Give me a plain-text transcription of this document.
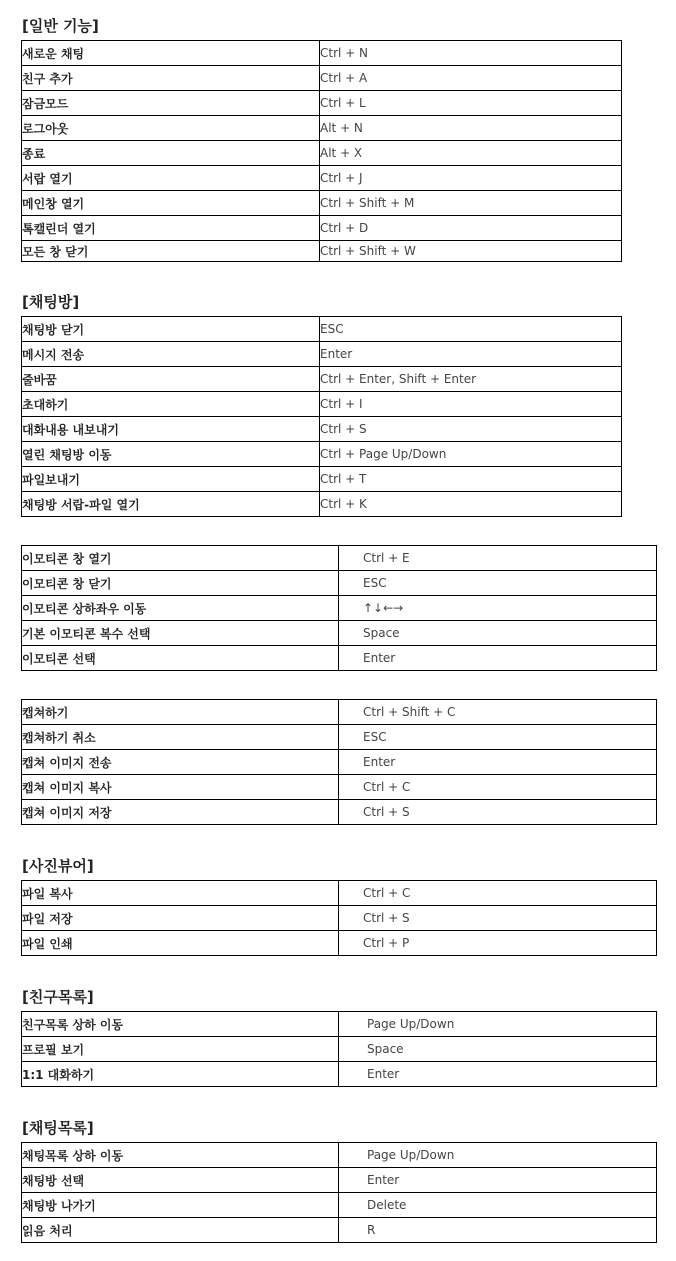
[일반 기능]
새로운 채팅	Ctrl + N
친구 추가	Ctrl + A
잠금모드	Ctrl + L
로그아웃	Alt + N
종료	Alt + X
서랍 열기	Ctrl + J
메인창 열기	Ctrl + Shift + M
톡캘린더 열기	Ctrl + D
모든 창 닫기	Ctrl + Shift + W
[채팅방]
채팅방 닫기	ESC
메시지 전송	Enter
줄바꿈	Ctrl + Enter, Shift + Enter
초대하기	Ctrl + I
대화내용 내보내기	Ctrl + S
열린 채팅방 이동	Ctrl + Page Up/Down
파일보내기	Ctrl + T
채팅방 서랍-파일 열기	Ctrl + K
이모티콘 창 열기	Ctrl + E
이모티콘 창 닫기	ESC
이모티콘 상하좌우 이동	↑↓←→
기본 이모티콘 복수 선택	Space
이모티콘 선택	Enter
캡쳐하기	Ctrl + Shift + C
캡쳐하기 취소	ESC
캡쳐 이미지 전송	Enter
캡쳐 이미지 복사	Ctrl + C
캡쳐 이미지 저장	Ctrl + S
[사진뷰어]
파일 복사	Ctrl + C
파일 저장	Ctrl + S
파일 인쇄	Ctrl + P
[친구목록]
친구목록 상하 이동	Page Up/Down
프로필 보기	Space
1:1 대화하기	Enter
[채팅목록]
채팅목록 상하 이동	Page Up/Down
채팅방 선택	Enter
채팅방 나가기	Delete
읽음 처리	R
